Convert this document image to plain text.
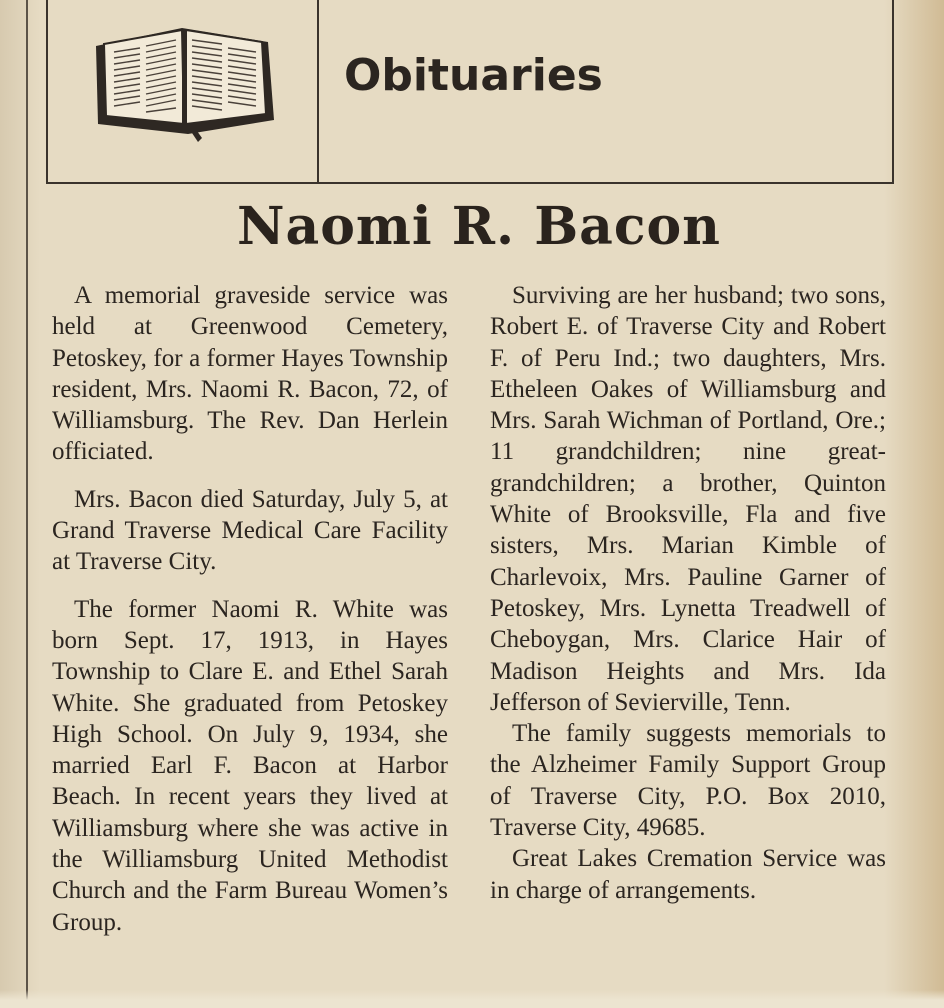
Obituaries
Naomi R. Bacon

A memorial graveside service was held at Greenwood Cemetery, Petoskey, for a former Hayes Township resident, Mrs. Naomi R. Bacon, 72, of Williamsburg. The Rev. Dan Herlein officiated.

Mrs. Bacon died Saturday, July 5, at Grand Traverse Medical Care Facility at Traverse City.

The former Naomi R. White was born Sept. 17, 1913, in Hayes Township to Clare E. and Ethel Sarah White. She graduated from Petoskey High School. On July 9, 1934, she married Earl F. Bacon at Harbor Beach. In recent years they lived at Williamsburg where she was active in the Williamsburg United Methodist Church and the Farm Bureau Women’s Group.

Surviving are her husband; two sons, Robert E. of Traverse City and Robert F. of Peru Ind.; two daughters, Mrs. Etheleen Oakes of Williamsburg and Mrs. Sarah Wichman of Portland, Ore.; 11 grandchildren; nine great-grandchildren; a brother, Quinton White of Brooksville, Fla and five sisters, Mrs. Marian Kimble of Charlevoix, Mrs. Pauline Garner of Petoskey, Mrs. Lynetta Treadwell of Cheboygan, Mrs. Clarice Hair of Madison Heights and Mrs. Ida Jefferson of Sevierville, Tenn.

The family suggests memorials to the Alzheimer Family Support Group of Traverse City, P.O. Box 2010, Traverse City, 49685.

Great Lakes Cremation Service was in charge of arrangements.
